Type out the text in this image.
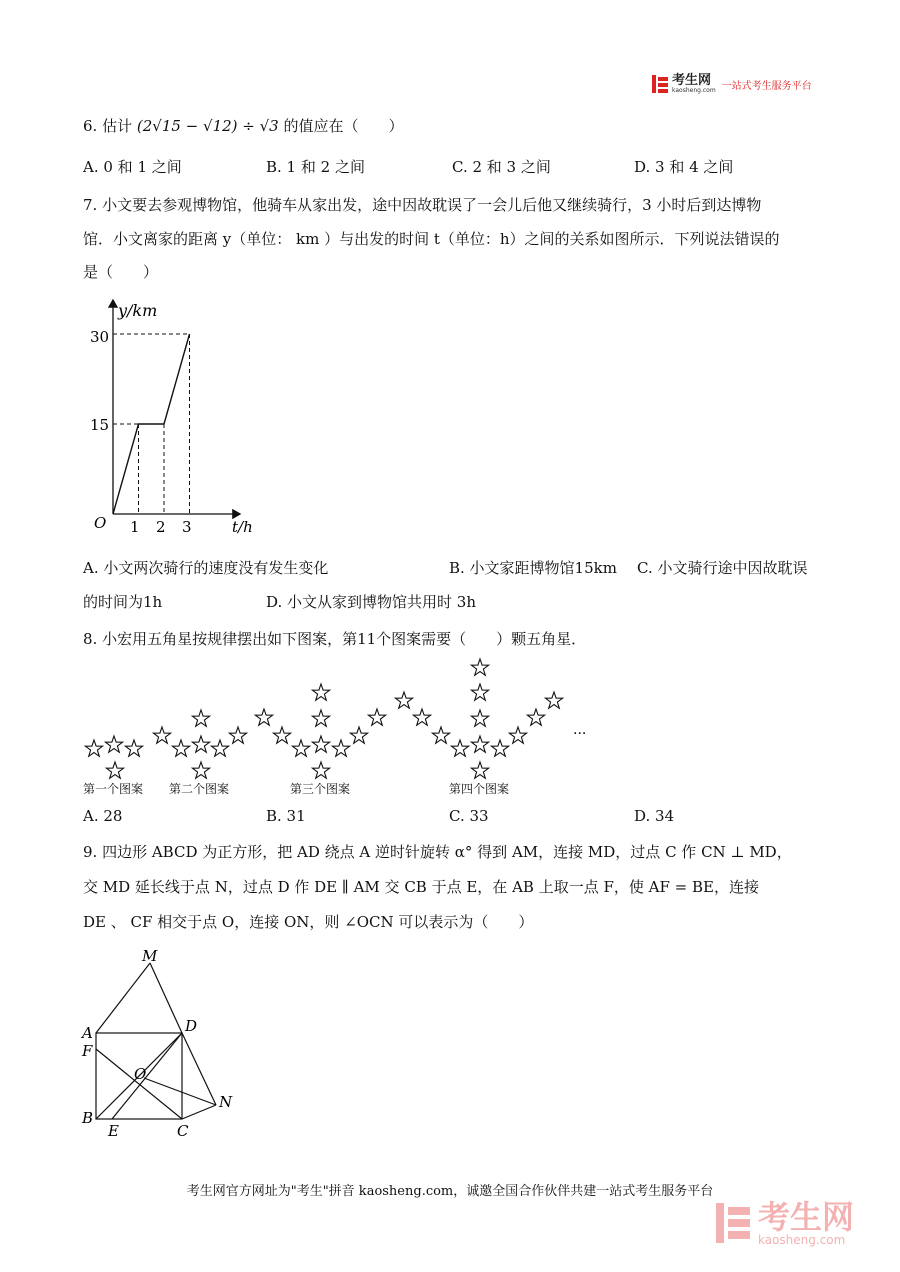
考生网
kaosheng.com 一站式考生服务平台
6. 估计 (2√15 − √12) ÷ √3 的值应在（　　）
A. 0 和 1 之间	B. 1 和 2 之间	C. 2 和 3 之间	D. 3 和 4 之间
7. 小文要去参观博物馆，他骑车从家出发，途中因故耽误了一会儿后他又继续骑行，3 小时后到达博物
馆．小文离家的距离 y（单位： km ）与出发的时间 t（单位：h）之间的关系如图所示．下列说法错误的
是（　　）
y/km
30
15
O 1 2 3	t/h
A. 小文两次骑行的速度没有发生变化	B. 小文家距博物馆15km C. 小文骑行途中因故耽误
的时间为1h	D. 小文从家到博物馆共用时 3h
8. 小宏用五角星按规律摆出如下图案，第11个图案需要（　　）颗五角星．
...
第一个图案 第二个图案	第三个图案	第四个图案
A. 28	B. 31	C. 33	D. 34
9. 四边形 ABCD 为正方形，把 AD 绕点 A 逆时针旋转 α° 得到 AM，连接 MD，过点 C 作 CN ⊥ MD，
交 MD 延长线于点 N，过点 D 作 DE ∥ AM 交 CB 于点 E，在 AB 上取一点 F，使 AF = BE，连接
DE 、 CF 相交于点 O，连接 ON，则 ∠OCN 可以表示为（　　）
M
A	D
F
O
N
B
E	C
考生网官方网址为"考生"拼音 kaosheng.com，诚邀全国合作伙伴共建一站式考生服务平台
考生网
kaosheng.com
